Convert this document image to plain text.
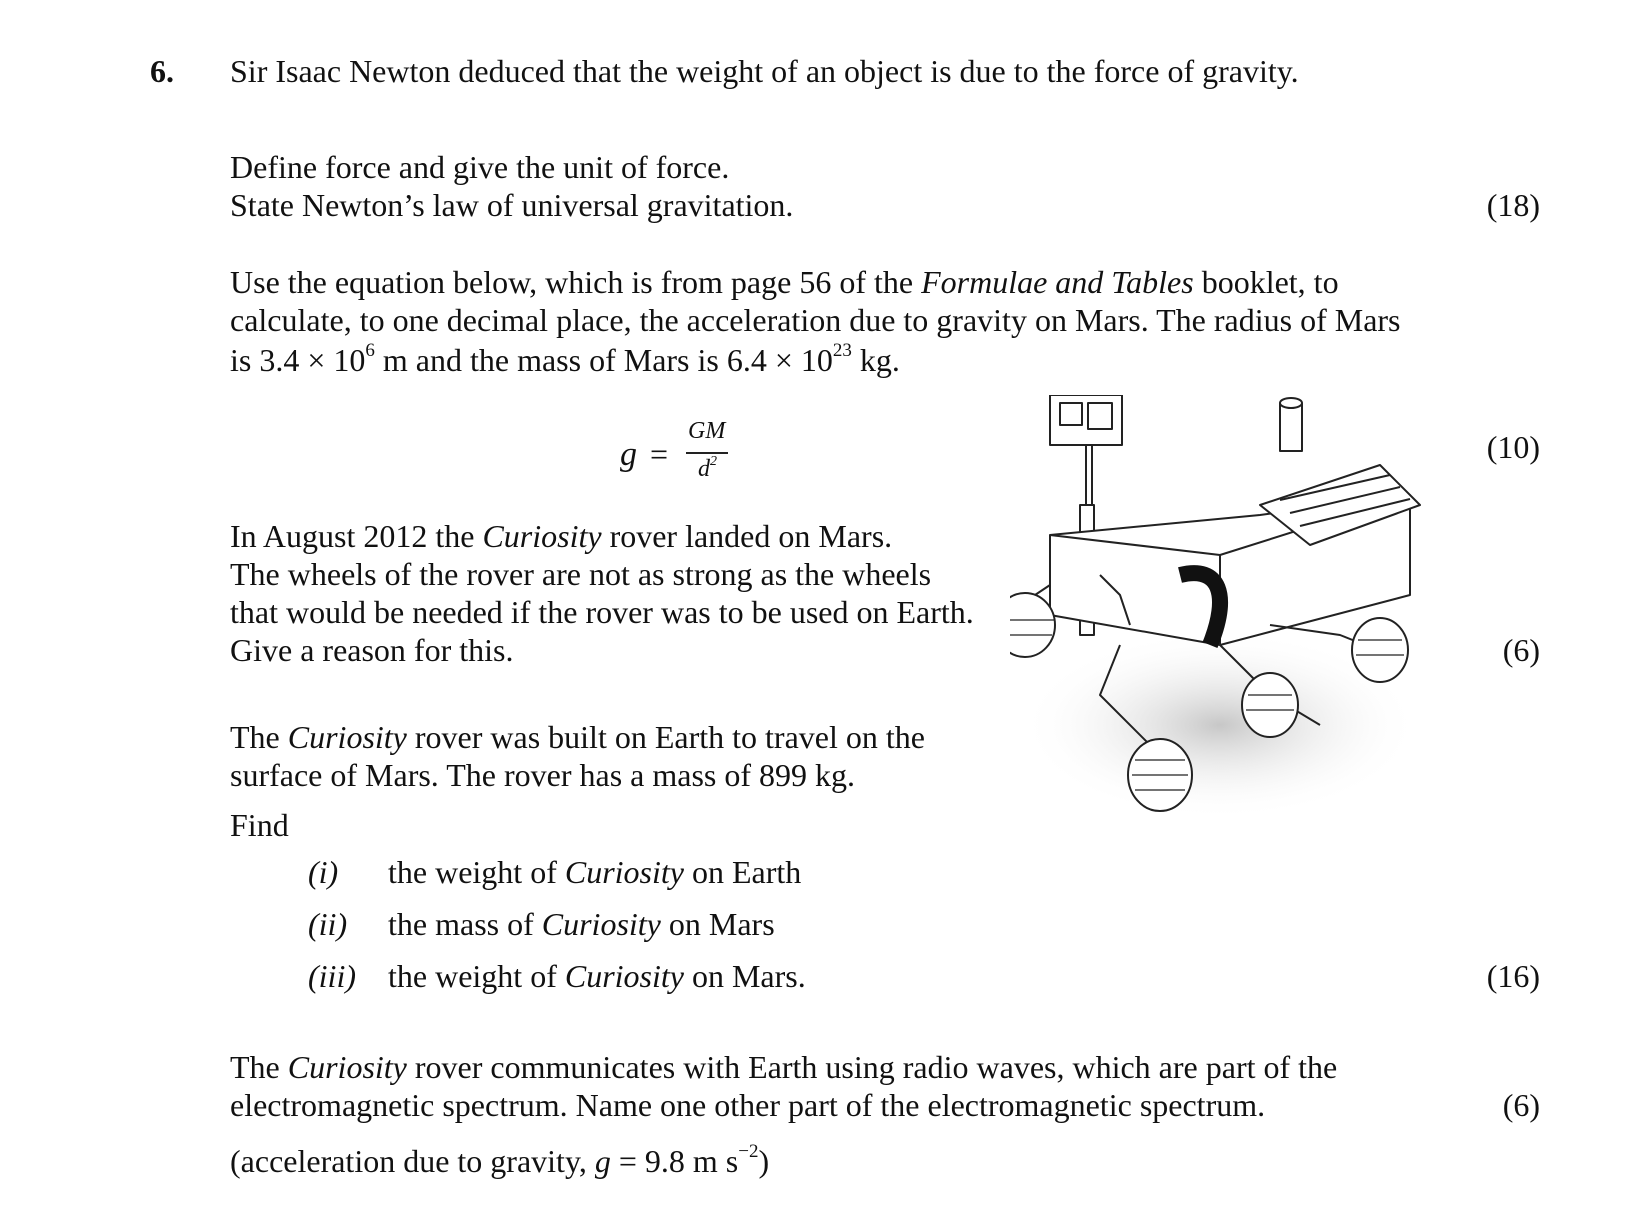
6. Sir Isaac Newton deduced that the weight of an object is due to the force of gravity.
Define force and give the unit of force.
State Newton’s law of universal gravitation.	(18)
Use the equation below, which is from page 56 of the Formulae and Tables booklet, to
calculate, to one decimal place, the acceleration due to gravity on Mars. The radius of Mars
is $3.4 \times 10^6$ m and the mass of Mars is $6.4 \times 10^{23}$ kg.
g =
GM
$d^2$	(10)
In August 2012 the Curiosity rover landed on Mars.
The wheels of the rover are not as strong as the wheels
that would be needed if the rover was to be used on Earth.
Give a reason for this.	(6)
The Curiosity rover was built on Earth to travel on the
surface of Mars. The rover has a mass of 899 kg.
Find
(i) the weight of Curiosity on Earth
(ii) the mass of Curiosity on Mars
(iii) the weight of Curiosity on Mars.	(16)
The Curiosity rover communicates with Earth using radio waves, which are part of the
electromagnetic spectrum. Name one other part of the electromagnetic spectrum.	(6)
(acceleration due to gravity, g = 9.8 m $s^{-2}$)
